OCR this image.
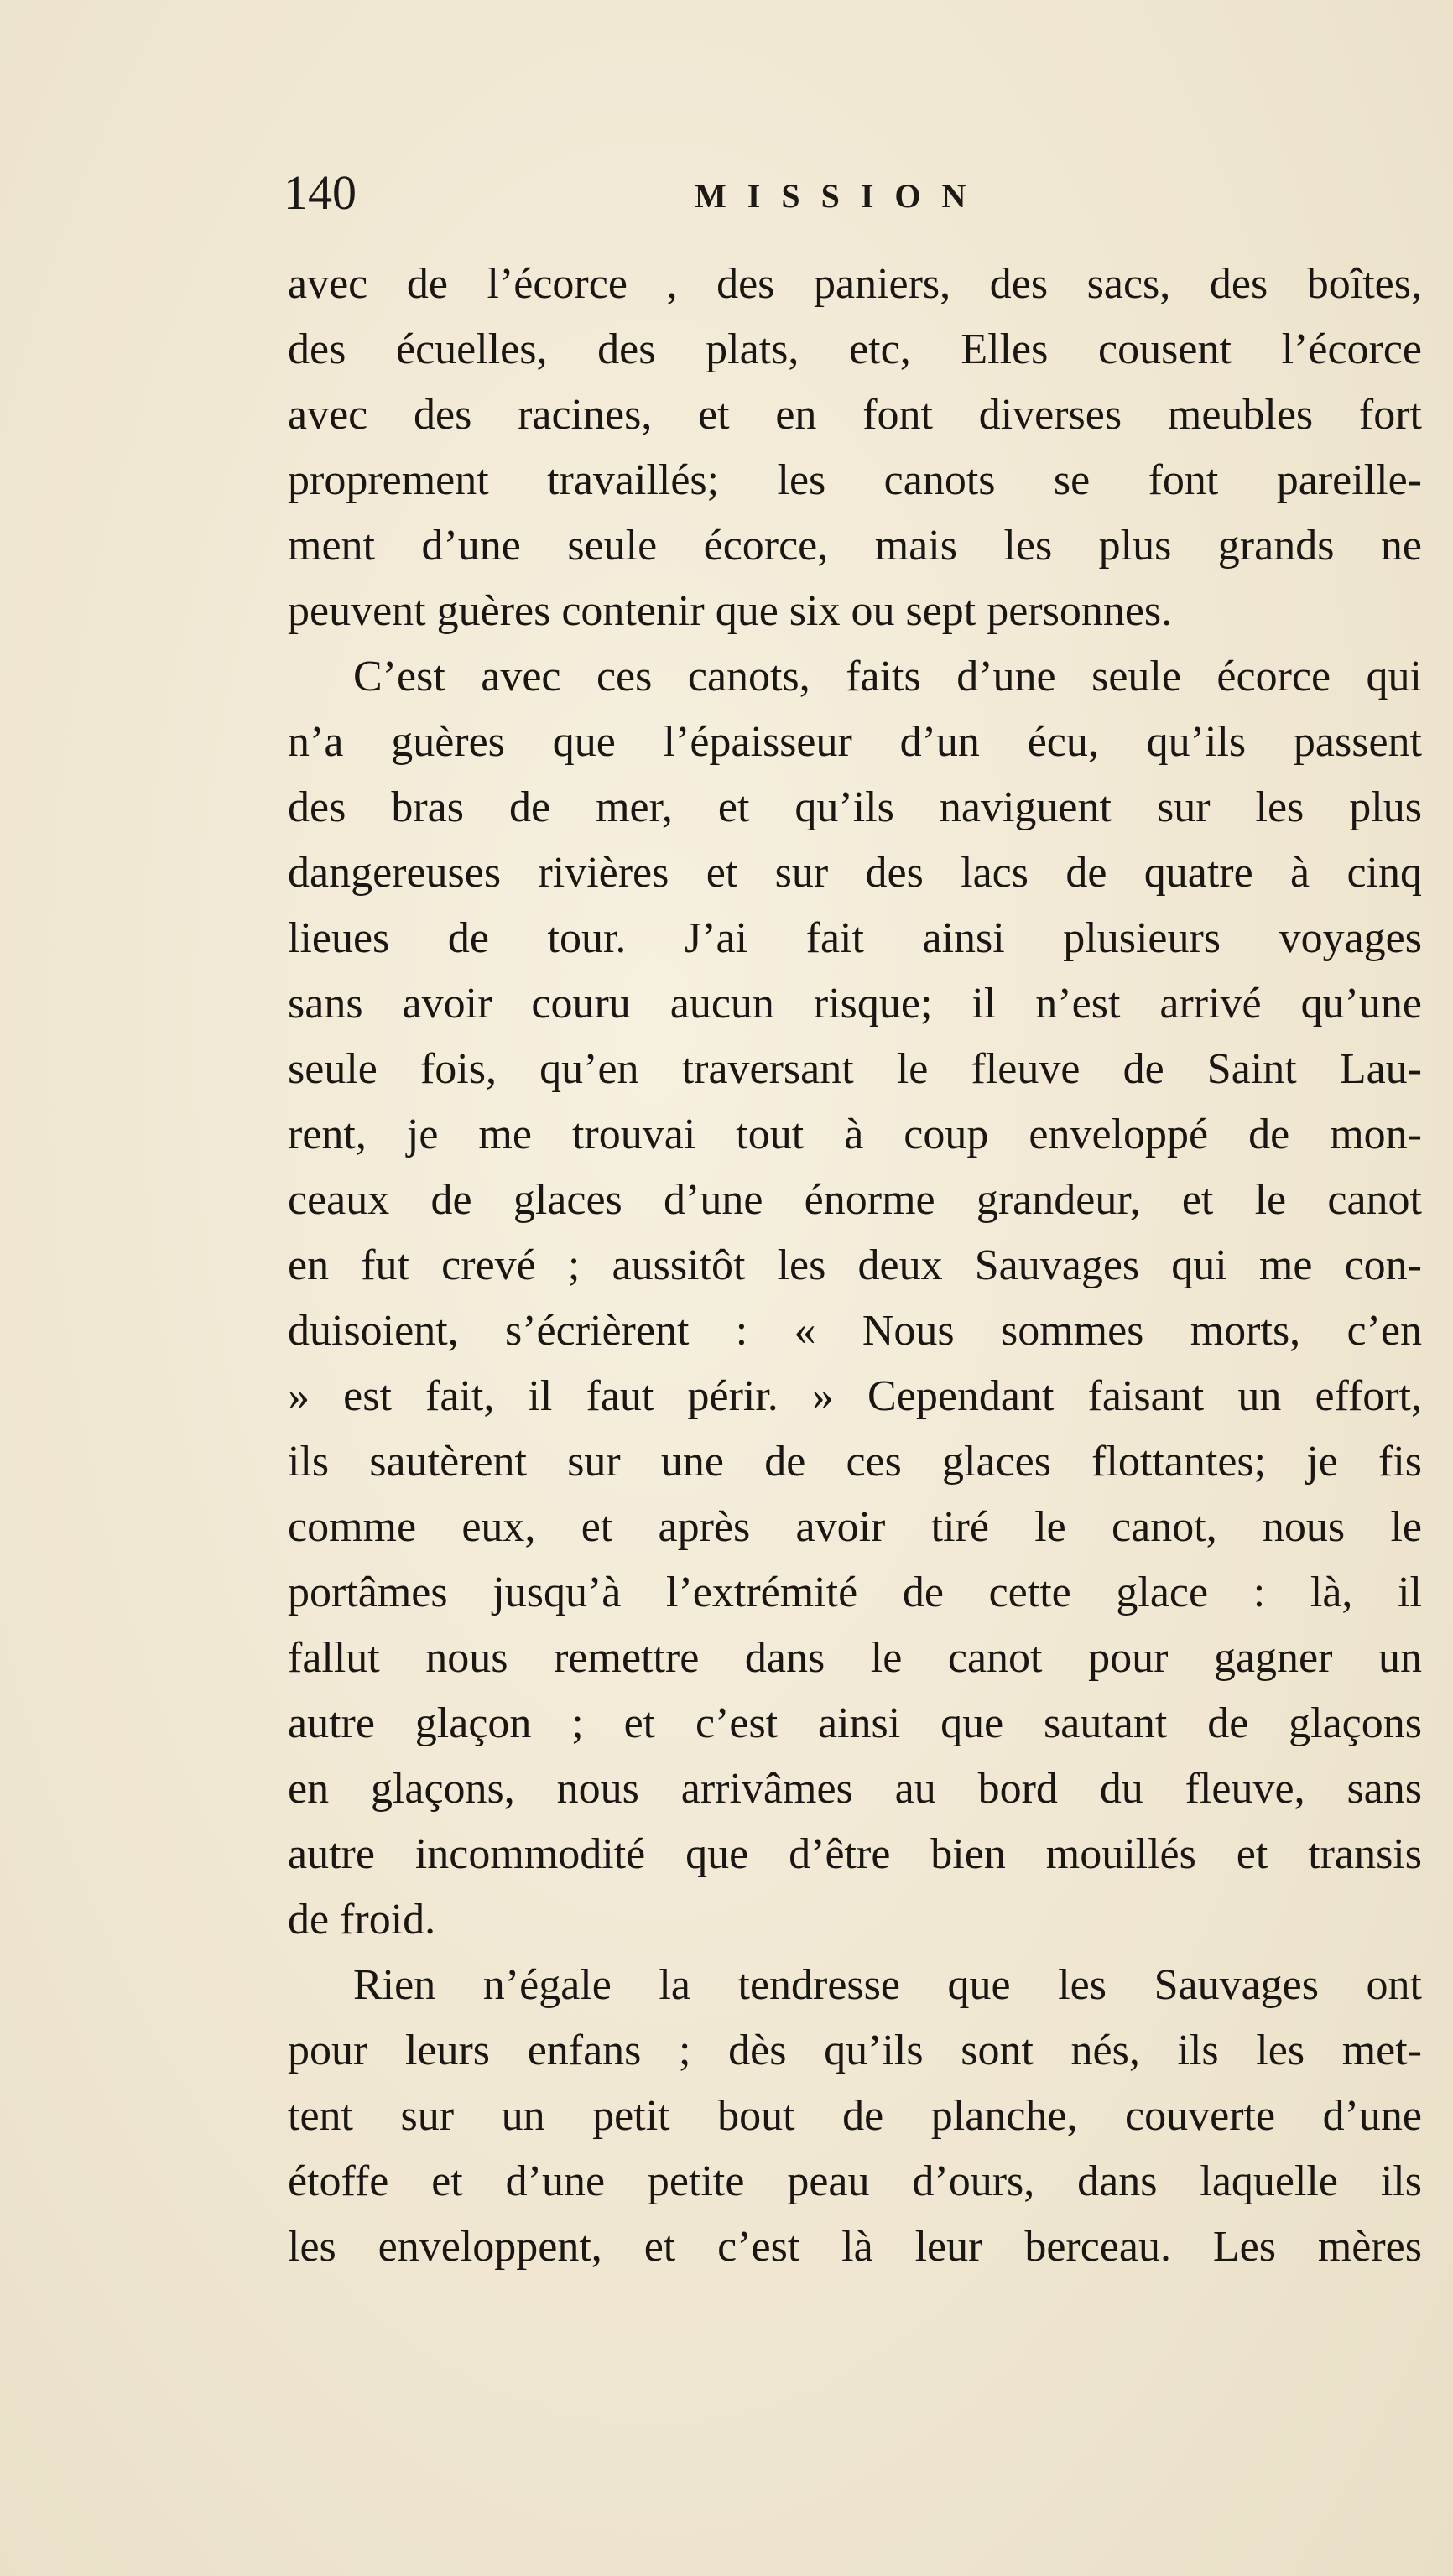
140	MISSION
avec de l’écorce , des paniers, des sacs, des boîtes,
des écuelles, des plats, etc, Elles cousent l’écorce
avec des racines, et en font diverses meubles fort
proprement travaillés; les canots se font pareille-
ment d’une seule écorce, mais les plus grands ne
peuvent guères contenir que six ou sept personnes.
C’est avec ces canots, faits d’une seule écorce qui
n’a guères que l’épaisseur d’un écu, qu’ils passent
des bras de mer, et qu’ils naviguent sur les plus
dangereuses rivières et sur des lacs de quatre à cinq
lieues de tour. J’ai fait ainsi plusieurs voyages
sans avoir couru aucun risque; il n’est arrivé qu’une
seule fois, qu’en traversant le fleuve de Saint Lau-
rent, je me trouvai tout à coup enveloppé de mon-
ceaux de glaces d’une énorme grandeur, et le canot
en fut crevé ; aussitôt les deux Sauvages qui me con-
duisoient, s’écrièrent : « Nous sommes morts, c’en
» est fait, il faut périr. » Cependant faisant un effort,
ils sautèrent sur une de ces glaces flottantes; je fis
comme eux, et après avoir tiré le canot, nous le
portâmes jusqu’à l’extrémité de cette glace : là, il
fallut nous remettre dans le canot pour gagner un
autre glaçon ; et c’est ainsi que sautant de glaçons
en glaçons, nous arrivâmes au bord du fleuve, sans
autre incommodité que d’être bien mouillés et transis
de froid.
Rien n’égale la tendresse que les Sauvages ont
pour leurs enfans ; dès qu’ils sont nés, ils les met-
tent sur un petit bout de planche, couverte d’une
étoffe et d’une petite peau d’ours, dans laquelle ils
les enveloppent, et c’est là leur berceau. Les mères
